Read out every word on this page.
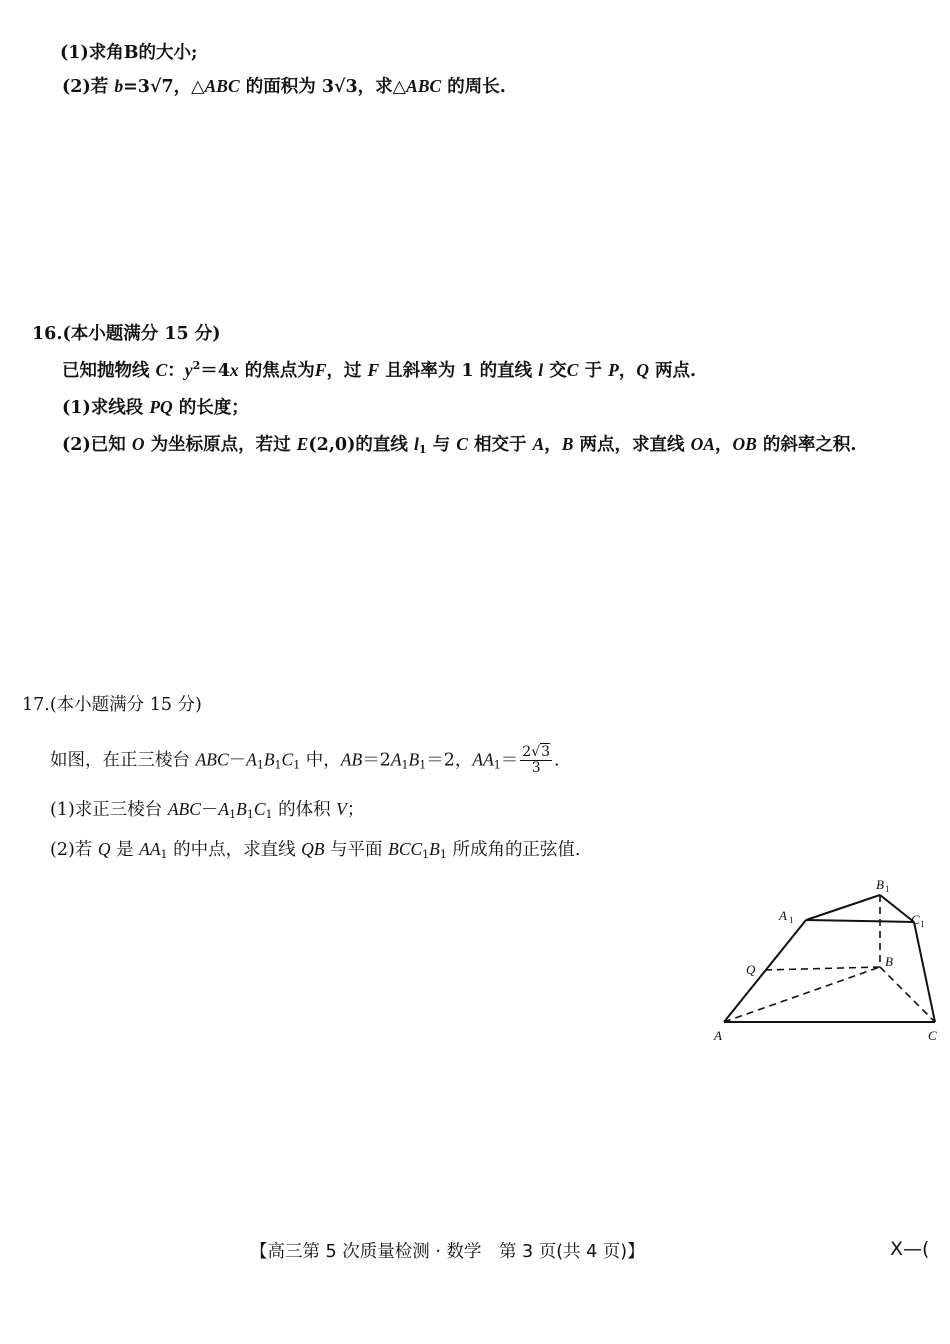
(1)求角B的大小;
(2)若 b=3√7，△ABC 的面积为 3√3，求△ABC 的周长.
16.(本小题满分 15 分)
已知抛物线 C：$y^2=4x$ 的焦点为F，过 F 且斜率为 1 的直线 l 交C 于 P，Q 两点.
(1)求线段 PQ 的长度；
(2)已知 O 为坐标原点，若过 E(2,0)的直线 $l_1$ 与 C 相交于 A，B 两点，求直线 OA，OB 的斜率之积.
17.(本小题满分 15 分)
如图，在正三棱台 $ABC-A_1B_1C_1$ 中，$AB=2A_1B_1=2$，$AA_1= \frac{2√3}{3}$ .
(1)求正三棱台 $ABC-A_1B_1C_1$ 的体积 V；
(2)若 Q 是 $AA_1$ 的中点，求直线 QB 与平面 $BCC_1B_1$ 所成角的正弦值.
A	C
B
Q
A 1
B 1
C 1
【高三第 5 次质量检测 · 数学　第 3 页(共 4 页)】	X—(
